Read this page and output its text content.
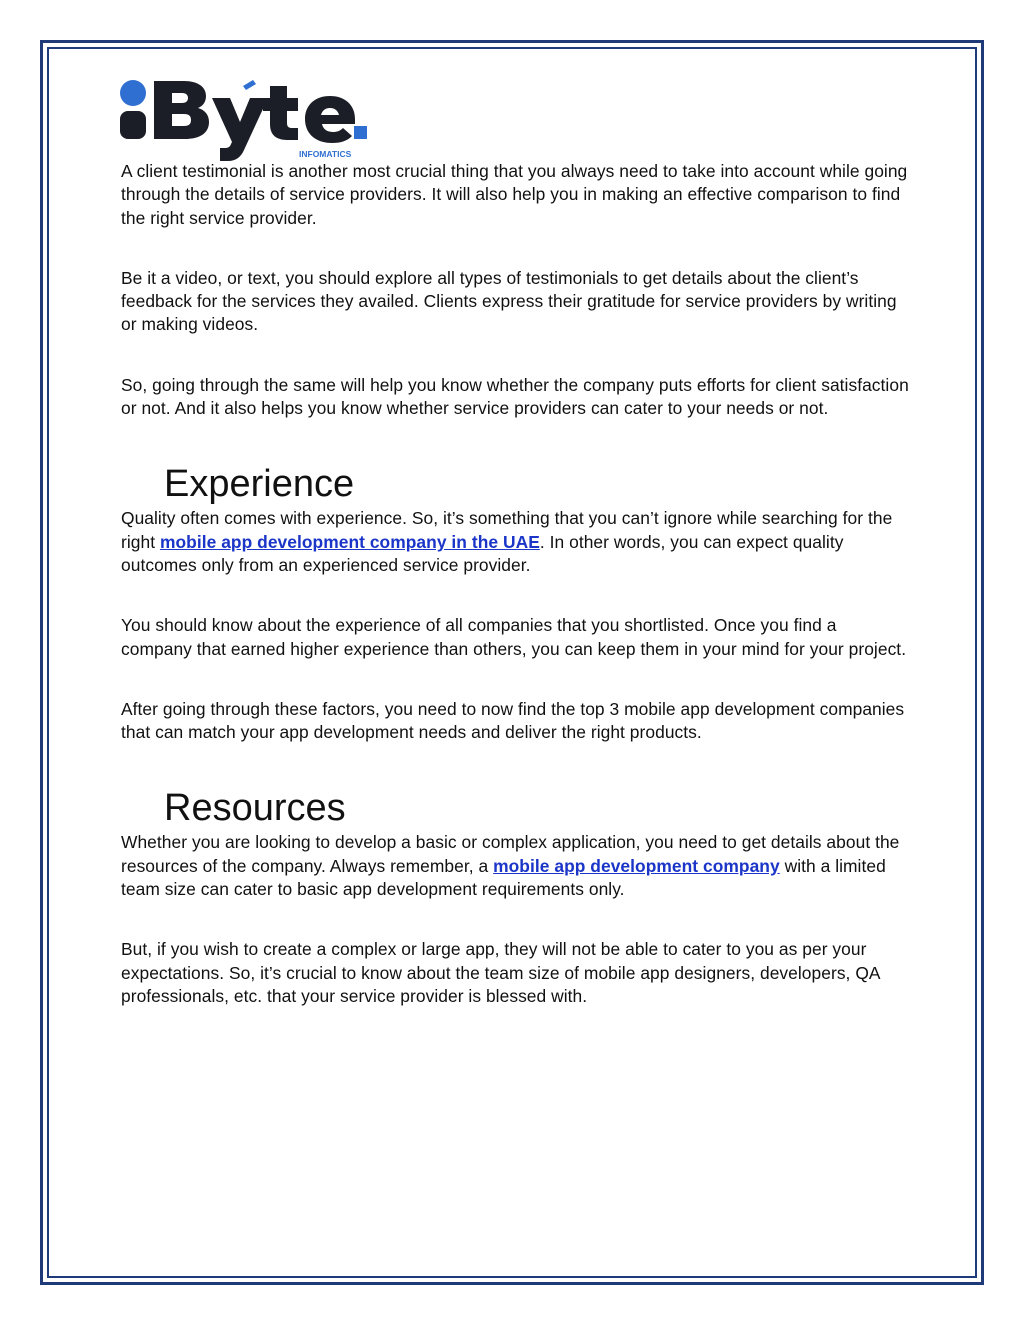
INFOMATICS

A client testimonial is another most crucial thing that you always need to take into account while going through the details of service providers. It will also help you in making an effective comparison to find the right service provider.

Be it a video, or text, you should explore all types of testimonials to get details about the client’s feedback for the services they availed. Clients express their gratitude for service providers by writing or making videos.

So, going through the same will help you know whether the company puts efforts for client satisfaction or not. And it also helps you know whether service providers can cater to your needs or not.

Experience

Quality often comes with experience. So, it’s something that you can’t ignore while searching for the right mobile app development company in the UAE. In other words, you can expect quality outcomes only from an experienced service provider.

You should know about the experience of all companies that you shortlisted. Once you find a company that earned higher experience than others, you can keep them in your mind for your project.

After going through these factors, you need to now find the top 3 mobile app development companies that can match your app development needs and deliver the right products.

Resources

Whether you are looking to develop a basic or complex application, you need to get details about the resources of the company. Always remember, a mobile app development company with a limited team size can cater to basic app development requirements only.

But, if you wish to create a complex or large app, they will not be able to cater to you as per your expectations. So, it’s crucial to know about the team size of mobile app designers, developers, QA professionals, etc. that your service provider is blessed with.
